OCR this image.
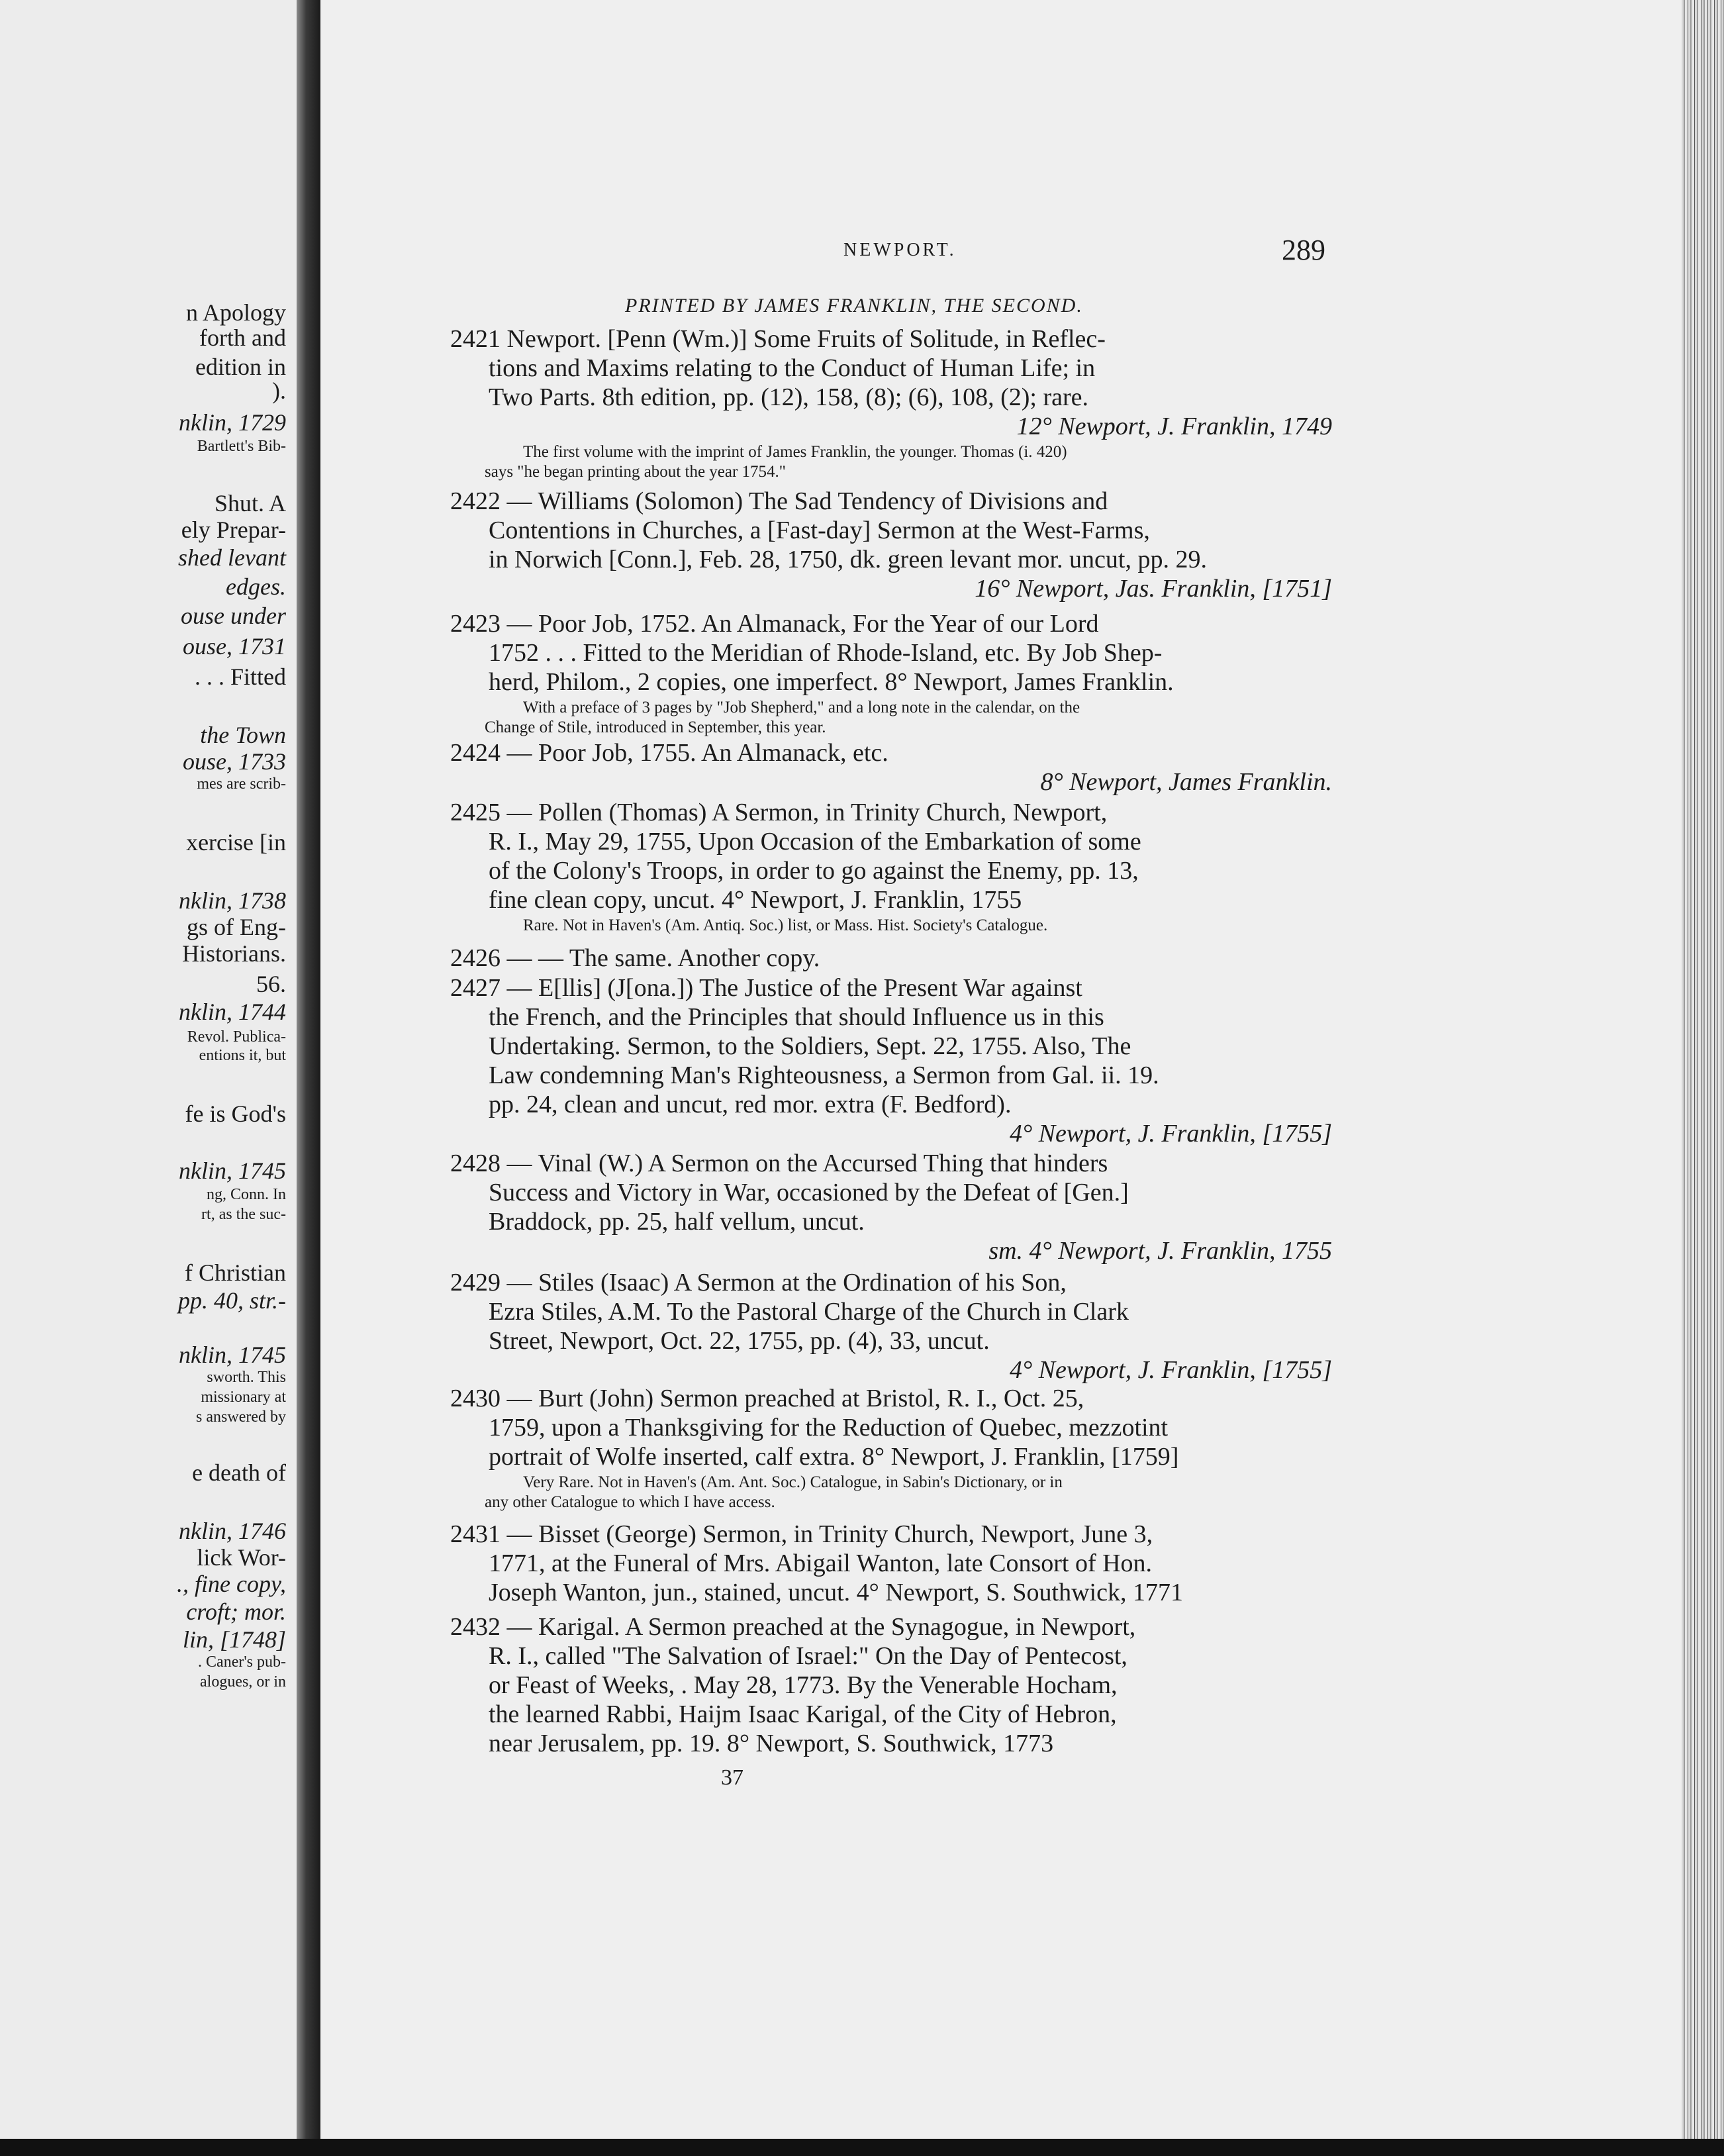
n Apology
forth and
edition in
).
nklin, 1729
Bartlett's Bib-
Shut. A
ely Prepar-
shed levant
edges.
ouse under
ouse, 1731
. . . Fitted
the Town
ouse, 1733
mes are scrib-
xercise [in
nklin, 1738
gs of Eng-
Historians.
56.
nklin, 1744
Revol. Publica-
entions it, but
fe is God's
nklin, 1745
ng, Conn. In
rt, as the suc-
f Christian
pp. 40, str.-
nklin, 1745
sworth. This
missionary at
s answered by
e death of
nklin, 1746
lick Wor-
., fine copy,
croft; mor.
lin, [1748]
. Caner's pub-
alogues, or in
NEWPORT.	289
PRINTED BY JAMES FRANKLIN, THE SECOND.
2421 Newport. [Penn (Wm.)] Some Fruits of Solitude, in Reflec-
tions and Maxims relating to the Conduct of Human Life; in
Two Parts. 8th edition, pp. (12), 158, (8); (6), 108, (2); rare.
12° Newport, J. Franklin, 1749
The first volume with the imprint of James Franklin, the younger. Thomas (i. 420)
says "he began printing about the year 1754."
2422 — Williams (Solomon) The Sad Tendency of Divisions and
Contentions in Churches, a [Fast-day] Sermon at the West-Farms,
in Norwich [Conn.], Feb. 28, 1750, dk. green levant mor. uncut, pp. 29.
16° Newport, Jas. Franklin, [1751]
2423 — Poor Job, 1752. An Almanack, For the Year of our Lord
1752 . . . Fitted to the Meridian of Rhode-Island, etc. By Job Shep-
herd, Philom., 2 copies, one imperfect. 8° Newport, James Franklin.
With a preface of 3 pages by "Job Shepherd," and a long note in the calendar, on the
Change of Stile, introduced in September, this year.
2424 — Poor Job, 1755. An Almanack, etc.
8° Newport, James Franklin.
2425 — Pollen (Thomas) A Sermon, in Trinity Church, Newport,
R. I., May 29, 1755, Upon Occasion of the Embarkation of some
of the Colony's Troops, in order to go against the Enemy, pp. 13,
fine clean copy, uncut. 4° Newport, J. Franklin, 1755
Rare. Not in Haven's (Am. Antiq. Soc.) list, or Mass. Hist. Society's Catalogue.
2426 — — The same. Another copy.
2427 — E[llis] (J[ona.]) The Justice of the Present War against
the French, and the Principles that should Influence us in this
Undertaking. Sermon, to the Soldiers, Sept. 22, 1755. Also, The
Law condemning Man's Righteousness, a Sermon from Gal. ii. 19.
pp. 24, clean and uncut, red mor. extra (F. Bedford).
4° Newport, J. Franklin, [1755]
2428 — Vinal (W.) A Sermon on the Accursed Thing that hinders
Success and Victory in War, occasioned by the Defeat of [Gen.]
Braddock, pp. 25, half vellum, uncut.
sm. 4° Newport, J. Franklin, 1755
2429 — Stiles (Isaac) A Sermon at the Ordination of his Son,
Ezra Stiles, A.M. To the Pastoral Charge of the Church in Clark
Street, Newport, Oct. 22, 1755, pp. (4), 33, uncut.
4° Newport, J. Franklin, [1755]
2430 — Burt (John) Sermon preached at Bristol, R. I., Oct. 25,
1759, upon a Thanksgiving for the Reduction of Quebec, mezzotint
portrait of Wolfe inserted, calf extra. 8° Newport, J. Franklin, [1759]
Very Rare. Not in Haven's (Am. Ant. Soc.) Catalogue, in Sabin's Dictionary, or in
any other Catalogue to which I have access.
2431 — Bisset (George) Sermon, in Trinity Church, Newport, June 3,
1771, at the Funeral of Mrs. Abigail Wanton, late Consort of Hon.
Joseph Wanton, jun., stained, uncut. 4° Newport, S. Southwick, 1771
2432 — Karigal. A Sermon preached at the Synagogue, in Newport,
R. I., called "The Salvation of Israel:" On the Day of Pentecost,
or Feast of Weeks, . May 28, 1773. By the Venerable Hocham,
the learned Rabbi, Haijm Isaac Karigal, of the City of Hebron,
near Jerusalem, pp. 19. 8° Newport, S. Southwick, 1773
37
